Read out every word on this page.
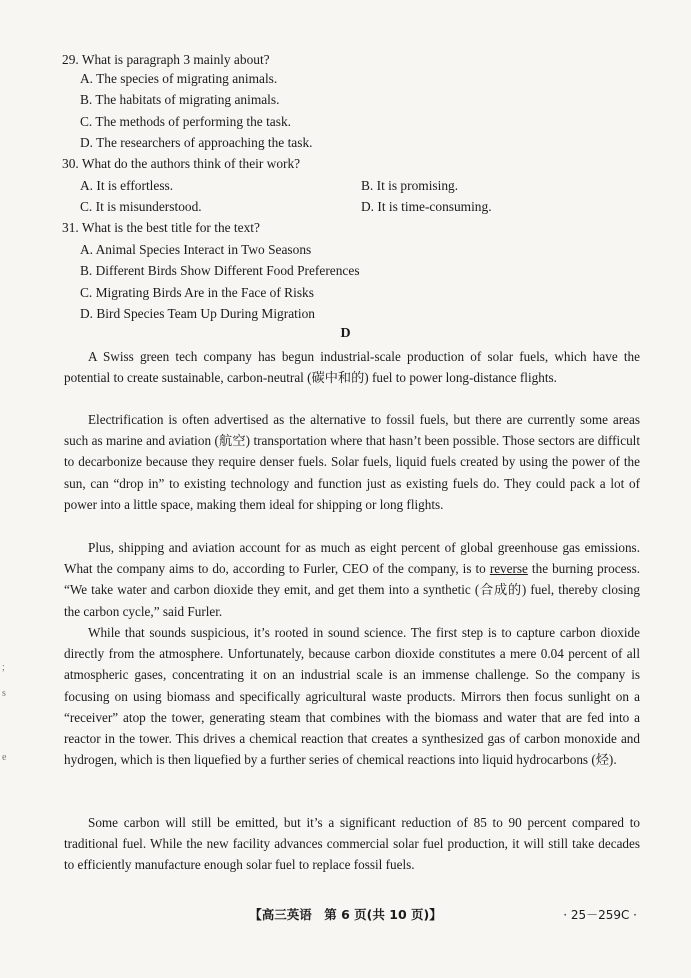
29. What is paragraph 3 mainly about?
A. The species of migrating animals.
B. The habitats of migrating animals.
C. The methods of performing the task.
D. The researchers of approaching the task.
30. What do the authors think of their work?
A. It is effortless.	B. It is promising.
C. It is misunderstood.	D. It is time-consuming.
31. What is the best title for the text?
A. Animal Species Interact in Two Seasons
B. Different Birds Show Different Food Preferences
C. Migrating Birds Are in the Face of Risks
D. Bird Species Team Up During Migration
D
A Swiss green tech company has begun industrial-scale production of solar fuels, which have the potential to create sustainable, carbon-neutral (碳中和的) fuel to power long-distance flights.
Electrification is often advertised as the alternative to fossil fuels, but there are currently some areas such as marine and aviation (航空) transportation where that hasn’t been possible. Those sectors are difficult to decarbonize because they require denser fuels. Solar fuels, liquid fuels created by using the power of the sun, can “drop in” to existing technology and function just as existing fuels do. They could pack a lot of power into a little space, making them ideal for shipping or long flights.
Plus, shipping and aviation account for as much as eight percent of global greenhouse gas emissions. What the company aims to do, according to Furler, CEO of the company, is to reverse the burning process. “We take water and carbon dioxide they emit, and get them into a synthetic (合成的) fuel, thereby closing the carbon cycle,” said Furler.
While that sounds suspicious, it’s rooted in sound science. The first step is to capture carbon dioxide directly from the atmosphere. Unfortunately, because carbon dioxide constitutes a mere 0.04 percent of all atmospheric gases, concentrating it on an industrial scale is an immense challenge. So the company is focusing on using biomass and specifically agricultural waste products. Mirrors then focus sunlight on a “receiver” atop the tower, generating steam that combines with the biomass and water that are fed into a reactor in the tower. This drives a chemical reaction that creates a synthesized gas of carbon monoxide and hydrogen, which is then liquefied by a further series of chemical reactions into liquid hydrocarbons (烃).
Some carbon will still be emitted, but it’s a significant reduction of 85 to 90 percent compared to traditional fuel. While the new facility advances commercial solar fuel production, it will still take decades to efficiently manufacture enough solar fuel to replace fossil fuels.
;
s
e
【高三英语　第 6 页(共 10 页)】	· 25－259C ·
